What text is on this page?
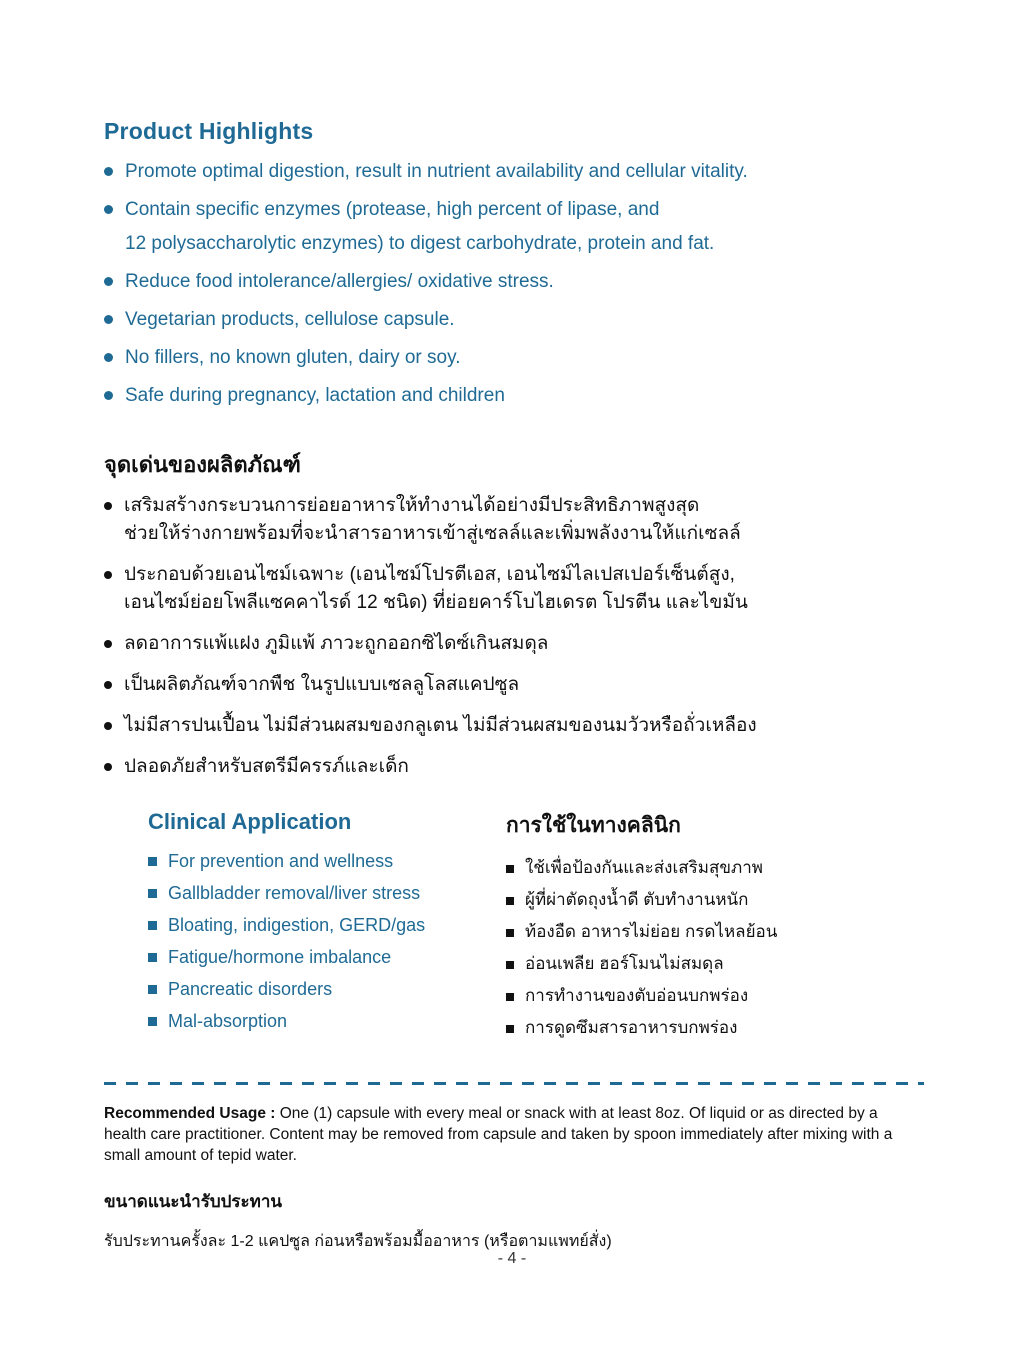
Product Highlights
Promote optimal digestion, result in nutrient availability and cellular vitality.
Contain specific enzymes (protease, high percent of lipase, and
12 polysaccharolytic enzymes) to digest carbohydrate, protein and fat.
Reduce food intolerance/allergies/ oxidative stress.
Vegetarian products, cellulose capsule.
No fillers, no known gluten, dairy or soy.
Safe during pregnancy, lactation and children
จุดเด่นของผลิตภัณฑ์
เสริมสร้างกระบวนการย่อยอาหารให้ทำงานได้อย่างมีประสิทธิภาพสูงสุด
ช่วยให้ร่างกายพร้อมที่จะนำสารอาหารเข้าสู่เซลล์และเพิ่มพลังงานให้แก่เซลล์
ประกอบด้วยเอนไซม์เฉพาะ (เอนไซม์โปรตีเอส, เอนไซม์ไลเปสเปอร์เซ็นต์สูง,
เอนไซม์ย่อยโพลีแซคคาไรด์ 12 ชนิด) ที่ย่อยคาร์โบไฮเดรต โปรตีน และไขมัน
ลดอาการแพ้แฝง ภูมิแพ้ ภาวะถูกออกซิไดซ์เกินสมดุล
เป็นผลิตภัณฑ์จากพืช ในรูปแบบเซลลูโลสแคปซูล
ไม่มีสารปนเปื้อน ไม่มีส่วนผสมของกลูเตน ไม่มีส่วนผสมของนมวัวหรือถั่วเหลือง
ปลอดภัยสำหรับสตรีมีครรภ์และเด็ก
Clinical Application
For prevention and wellness
Gallbladder removal/liver stress
Bloating, indigestion, GERD/gas
Fatigue/hormone imbalance
Pancreatic disorders
Mal-absorption
การใช้ในทางคลินิก
ใช้เพื่อป้องกันและส่งเสริมสุขภาพ
ผู้ที่ผ่าตัดถุงน้ำดี ตับทำงานหนัก
ท้องอืด อาหารไม่ย่อย กรดไหลย้อน
อ่อนเพลีย ฮอร์โมนไม่สมดุล
การทำงานของตับอ่อนบกพร่อง
การดูดซึมสารอาหารบกพร่อง

Recommended Usage : One (1) capsule with every meal or snack with at least 8oz. Of liquid or as directed by a health care practitioner. Content may be removed from capsule and taken by spoon immediately after mixing with a small amount of tepid water.

ขนาดแนะนำรับประทาน

รับประทานครั้งละ 1-2 แคปซูล ก่อนหรือพร้อมมื้ออาหาร (หรือตามแพทย์สั่ง)

- 4 -
